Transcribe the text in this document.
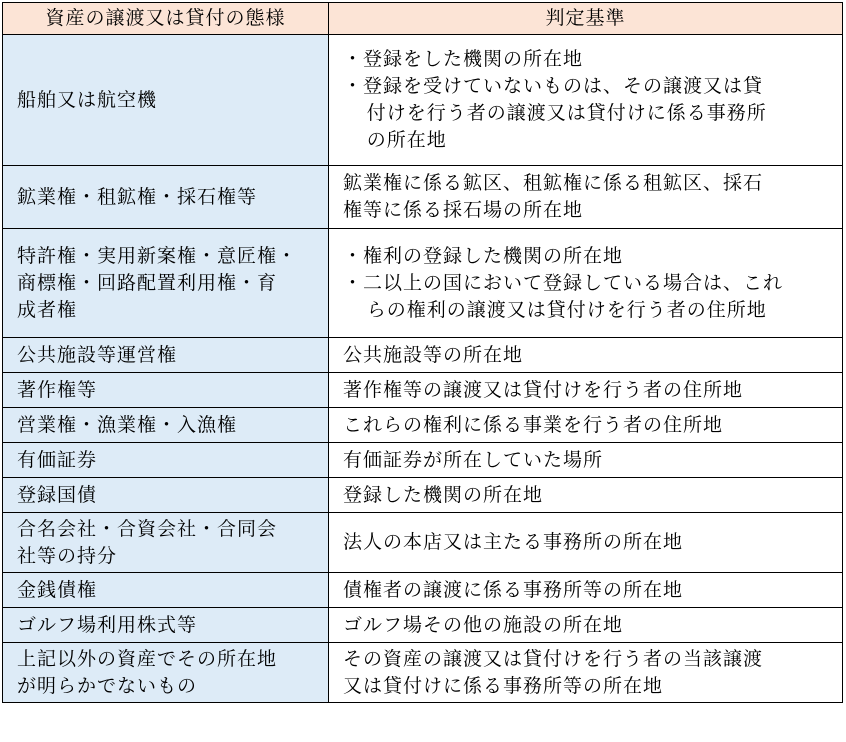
資産の譲渡又は貸付の態様	判定基準

船舶又は航空機	・登録をした機関の所在地
・登録を受けていないものは、その譲渡又は貸
付けを行う者の譲渡又は貸付けに係る事務所
の所在地

鉱業権・租鉱権・採石権等	鉱業権に係る鉱区、租鉱権に係る租鉱区、採石
権等に係る採石場の所在地

特許権・実用新案権・意匠権・
商標権・回路配置利用権・育
成者権	・権利の登録した機関の所在地
・二以上の国において登録している場合は、これ
らの権利の譲渡又は貸付けを行う者の住所地

公共施設等運営権	公共施設等の所在地

著作権等	著作権等の譲渡又は貸付けを行う者の住所地

営業権・漁業権・入漁権	これらの権利に係る事業を行う者の住所地

有価証券	有価証券が所在していた場所

登録国債	登録した機関の所在地

合名会社・合資会社・合同会
社等の持分	法人の本店又は主たる事務所の所在地

金銭債権	債権者の譲渡に係る事務所等の所在地

ゴルフ場利用株式等	ゴルフ場その他の施設の所在地

上記以外の資産でその所在地
が明らかでないもの	その資産の譲渡又は貸付けを行う者の当該譲渡
又は貸付けに係る事務所等の所在地
